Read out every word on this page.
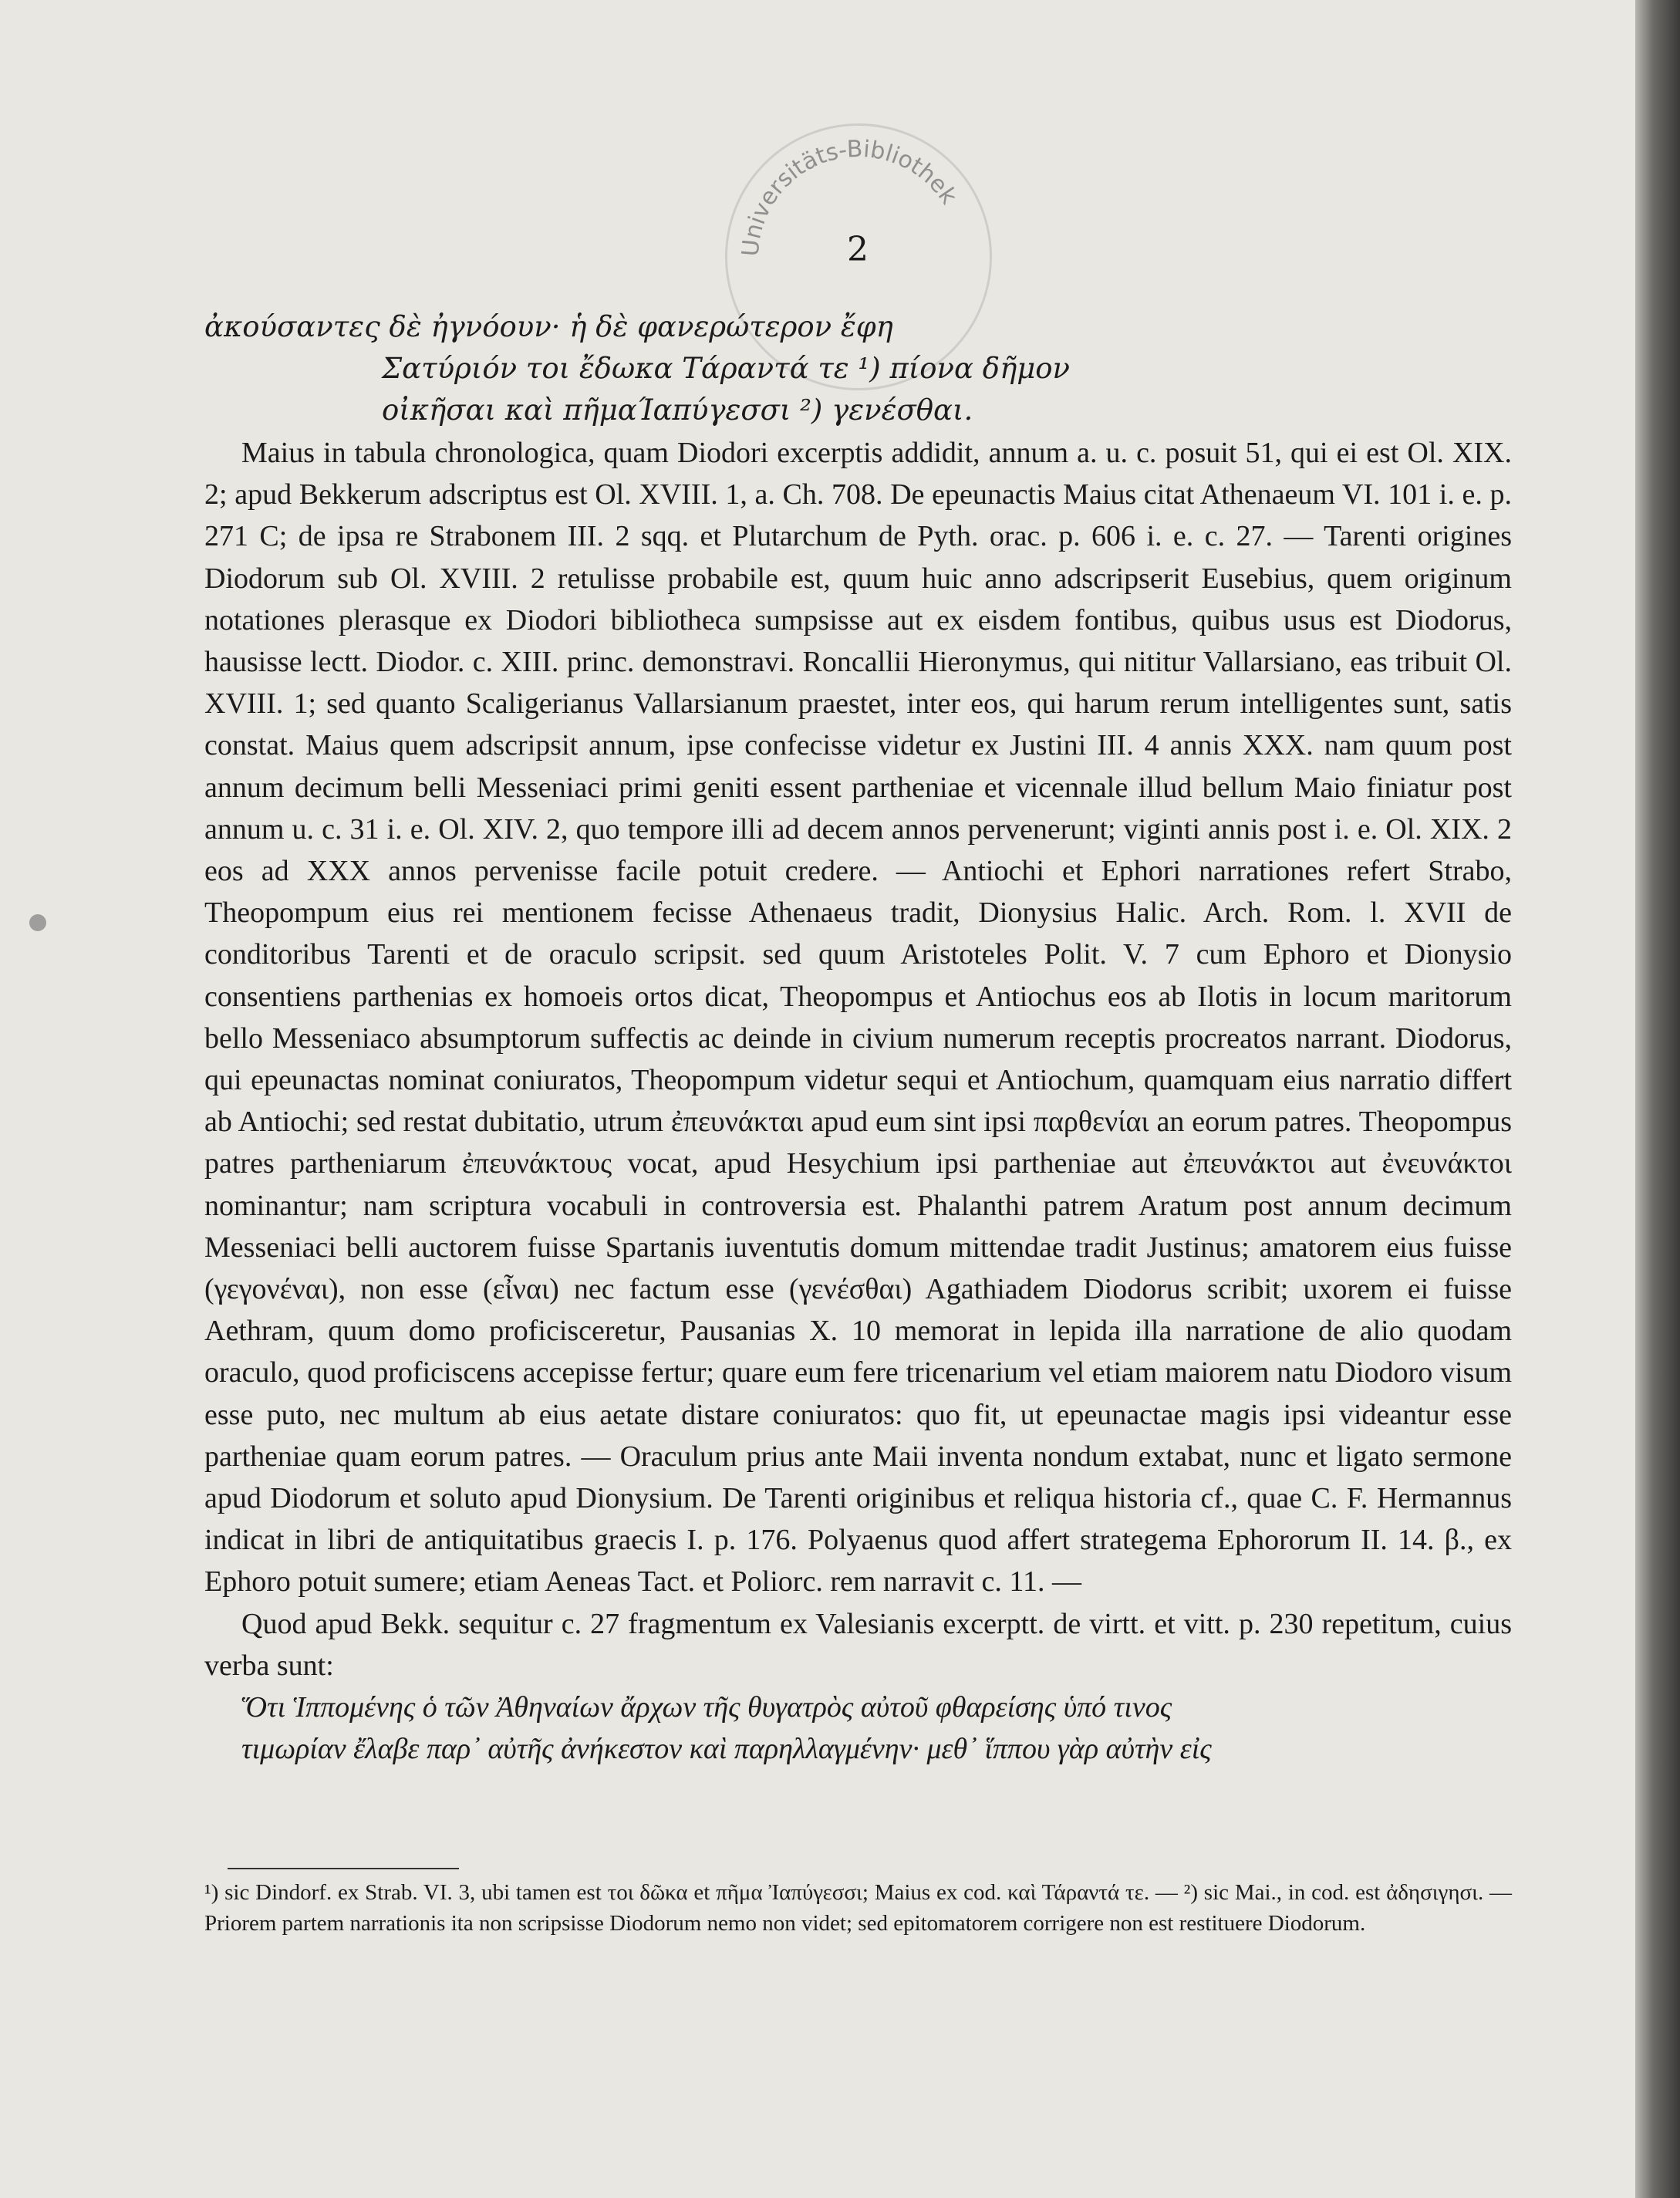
Universitäts-Bibliothek
2
ἀκούσαντες δὲ ἠγνόουν· ἡ δὲ φανερώτερον ἔφη
Σατύριόν τοι ἔδωκα Τάραντά τε ¹) πίονα δῆμον
οἰκῆσαι καὶ πῆμαΊαπύγεσσι ²) γενέσθαι.

Maius in tabula chronologica, quam Diodori excerptis addidit, annum a. u. c. posuit 51, qui ei est Ol. XIX. 2; apud Bekkerum adscriptus est Ol. XVIII. 1, a. Ch. 708. De epeunactis Maius citat Athenaeum VI. 101 i. e. p. 271 C; de ipsa re Strabonem III. 2 sqq. et Plutarchum de Pyth. orac. p. 606 i. e. c. 27. — Tarenti origines Diodorum sub Ol. XVIII. 2 retulisse probabile est, quum huic anno adscripserit Eusebius, quem originum notationes plerasque ex Diodori bibliotheca sumpsisse aut ex eisdem fontibus, quibus usus est Diodorus, hausisse lectt. Diodor. c. XIII. princ. demonstravi. Roncallii Hieronymus, qui nititur Vallarsiano, eas tribuit Ol. XVIII. 1; sed quanto Scaligerianus Vallarsianum praestet, inter eos, qui harum rerum intelligentes sunt, satis constat. Maius quem adscripsit annum, ipse confecisse videtur ex Justini III. 4 annis XXX. nam quum post annum decimum belli Messeniaci primi geniti essent partheniae et vicennale illud bellum Maio finiatur post annum u. c. 31 i. e. Ol. XIV. 2, quo tempore illi ad decem annos pervenerunt; viginti annis post i. e. Ol. XIX. 2 eos ad XXX annos pervenisse facile potuit credere. — Antiochi et Ephori narrationes refert Strabo, Theopompum eius rei mentionem fecisse Athenaeus tradit, Dionysius Halic. Arch. Rom. l. XVII de conditoribus Tarenti et de oraculo scripsit. sed quum Aristoteles Polit. V. 7 cum Ephoro et Dionysio consentiens parthenias ex homoeis ortos dicat, Theopompus et Antiochus eos ab Ilotis in locum maritorum bello Messeniaco absumptorum suffectis ac deinde in civium numerum receptis procreatos narrant. Diodorus, qui epeunactas nominat coniuratos, Theopompum videtur sequi et Antiochum, quamquam eius narratio differt ab Antiochi; sed restat dubitatio, utrum ἐπευνάκται apud eum sint ipsi παρθενίαι an eorum patres. Theopompus patres partheniarum ἐπευνάκτους vocat, apud Hesychium ipsi partheniae aut ἐπευνάκτοι aut ἐνευνάκτοι nominantur; nam scriptura vocabuli in controversia est. Phalanthi patrem Aratum post annum decimum Messeniaci belli auctorem fuisse Spartanis iuventutis domum mittendae tradit Justinus; amatorem eius fuisse (γεγονέναι), non esse (εἶναι) nec factum esse (γενέσθαι) Agathiadem Diodorus scribit; uxorem ei fuisse Aethram, quum domo proficisceretur, Pausanias X. 10 memorat in lepida illa narratione de alio quodam oraculo, quod proficiscens accepisse fertur; quare eum fere tricenarium vel etiam maiorem natu Diodoro visum esse puto, nec multum ab eius aetate distare coniuratos: quo fit, ut epeunactae magis ipsi videantur esse partheniae quam eorum patres. — Oraculum prius ante Maii inventa nondum extabat, nunc et ligato sermone apud Diodorum et soluto apud Dionysium. De Tarenti originibus et reliqua historia cf., quae C. F. Hermannus indicat in libri de antiquitatibus graecis I. p. 176. Polyaenus quod affert strategema Ephororum II. 14. β., ex Ephoro potuit sumere; etiam Aeneas Tact. et Poliorc. rem narravit c. 11. —

Quod apud Bekk. sequitur c. 27 fragmentum ex Valesianis excerptt. de virtt. et vitt. p. 230 repetitum, cuius verba sunt:

Ὅτι Ἱππομένης ὁ τῶν Ἀθηναίων ἄρχων τῆς θυγατρὸς αὐτοῦ φθαρείσης ὑπό τινος

τιμωρίαν ἔλαβε παρ᾽ αὐτῆς ἀνήκεστον καὶ παρηλλαγμένην· μεθ᾽ ἵππου γὰρ αὐτὴν εἰς

¹) sic Dindorf. ex Strab. VI. 3, ubi tamen est τοι δῶκα et πῆμα Ἰαπύγεσσι; Maius ex cod. καὶ Τάραντά τε. — ²) sic Mai., in cod. est ἀδησιγησι. — Priorem partem narrationis ita non scripsisse Diodorum nemo non videt; sed epitomatorem corrigere non est restituere Diodorum.
